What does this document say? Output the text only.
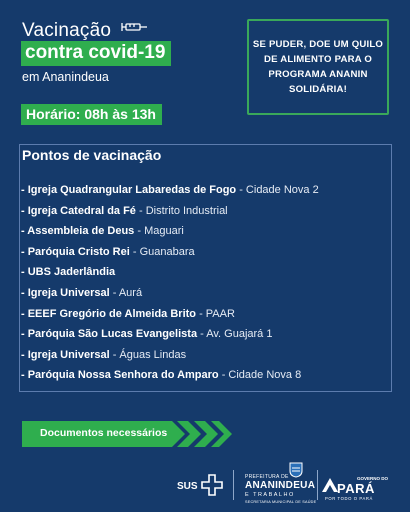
Vacinação
contra covid-19
em Ananindeua
Horário: 08h às 13h
SE PUDER, DOE UM QUILO DE ALIMENTO PARA O PROGRAMA ANANIN SOLIDÁRIA!
Pontos de vacinação
- Igreja Quadrangular Labaredas de Fogo - Cidade Nova 2
- Igreja Catedral da Fé - Distrito Industrial
- Assembleia de Deus - Maguari
- Paróquia Cristo Rei - Guanabara
- UBS Jaderlândia
- Igreja Universal - Aurá
- EEEF Gregório de Almeida Brito - PAAR
- Paróquia São Lucas Evangelista - Av. Guajará 1
- Igreja Universal - Águas Lindas
- Paróquia Nossa Senhora do Amparo - Cidade Nova 8
Documentos necessários
SUS
PREFEITURA DE
ANANINDEUA
E TRABALHO
SECRETARIA MUNICIPAL DE SAÚDE
GOVERNO DO
PARÁ
POR TODO O PARÁ
